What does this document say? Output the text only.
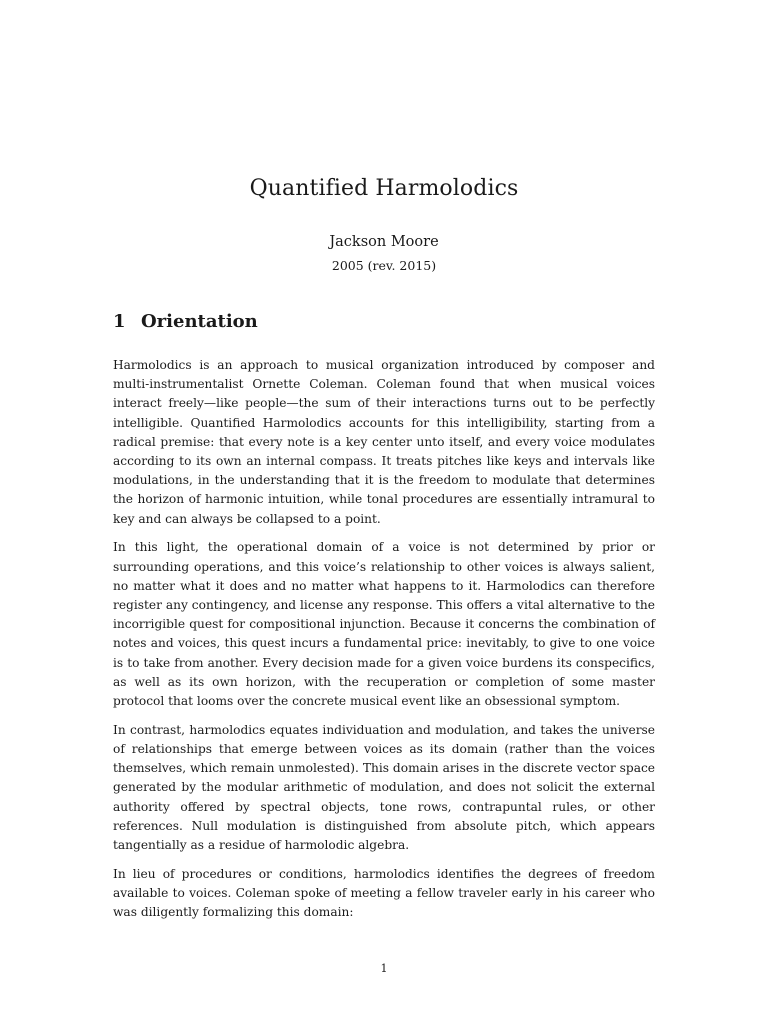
Quantified Harmolodics

Jackson Moore

2005 (rev. 2015)

1 Orientation

Harmolodics is an approach to musical organization introduced by composer and multi-instrumentalist Ornette Coleman. Coleman found that when musical voices interact freely—like people—the sum of their interactions turns out to be perfectly intelligible. Quantified Harmolodics accounts for this intelligibility, starting from a radical premise: that every note is a key center unto itself, and every voice modulates according to its own an internal compass. It treats pitches like keys and intervals like modulations, in the understanding that it is the freedom to modulate that determines the horizon of harmonic intuition, while tonal procedures are essentially intramural to key and can always be collapsed to a point.

In this light, the operational domain of a voice is not determined by prior or surrounding operations, and this voice’s relationship to other voices is always salient, no matter what it does and no matter what happens to it. Harmolodics can therefore register any contingency, and license any response. This offers a vital alternative to the incorrigible quest for compositional injunction. Because it concerns the combination of notes and voices, this quest incurs a fundamental price: inevitably, to give to one voice is to take from another. Every decision made for a given voice burdens its conspecifics, as well as its own horizon, with the recuperation or completion of some master protocol that looms over the concrete musical event like an obsessional symptom.

In contrast, harmolodics equates individuation and modulation, and takes the universe of relationships that emerge between voices as its domain (rather than the voices themselves, which remain unmolested). This domain arises in the discrete vector space generated by the modular arithmetic of modulation, and does not solicit the external authority offered by spectral objects, tone rows, contrapuntal rules, or other references. Null modulation is distinguished from absolute pitch, which appears tangentially as a residue of harmolodic algebra.

In lieu of procedures or conditions, harmolodics identifies the degrees of freedom available to voices. Coleman spoke of meeting a fellow traveler early in his career who was diligently formalizing this domain:

1
